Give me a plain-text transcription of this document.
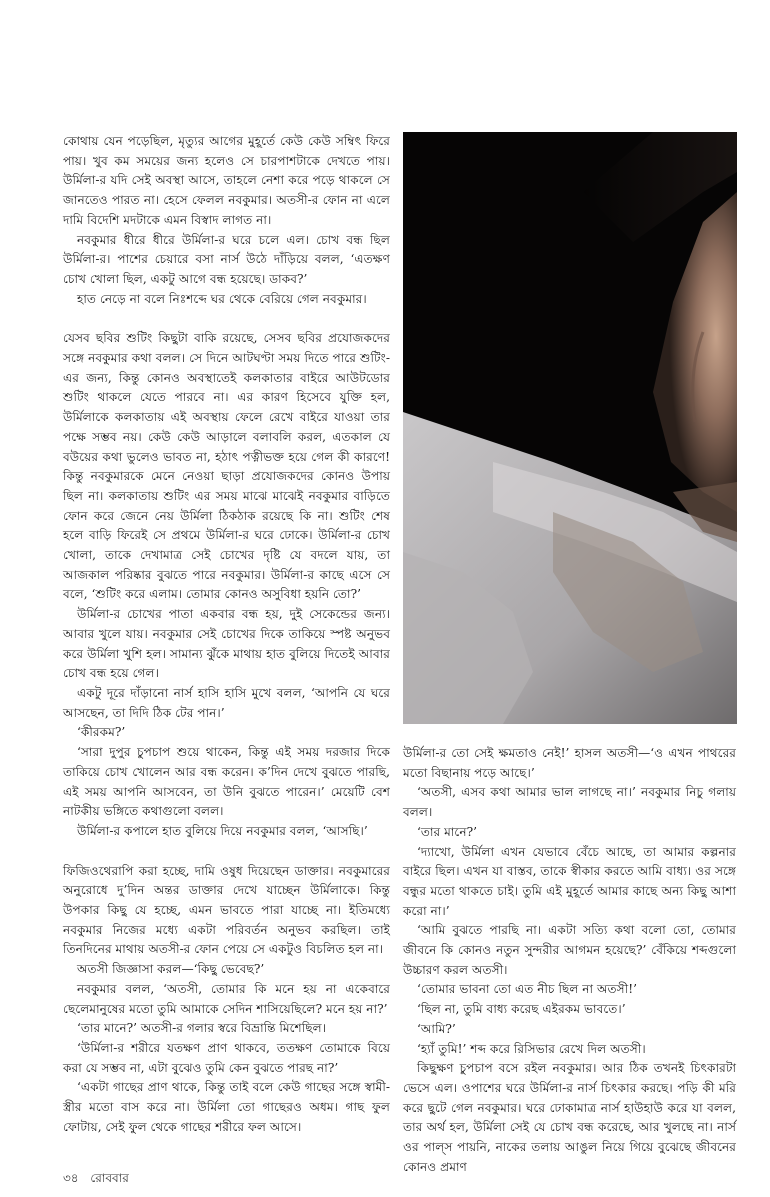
কোথায় যেন পড়েছিল, মৃত্যুর আগের মুহূর্তে কেউ কেউ সম্বিৎ ফিরে পায়। খুব কম সময়ের জন্য হলেও সে চারপাশটাকে দেখতে পায়। উর্মিলা-র যদি সেই অবস্থা আসে, তাহলে নেশা করে পড়ে থাকলে সে জানতেও পারত না। হেসে ফেলল নবকুমার। অতসী-র ফোন না এলে দামি বিদেশি মদটাকে এমন বিস্বাদ লাগত না।

নবকুমার ধীরে ধীরে উর্মিলা-র ঘরে চলে এল। চোখ বন্ধ ছিল উর্মিলা-র। পাশের চেয়ারে বসা নার্স উঠে দাঁড়িয়ে বলল, ‘এতক্ষণ চোখ খোলা ছিল, একটু আগে বন্ধ হয়েছে। ডাকব?’

হাত নেড়ে না বলে নিঃশব্দে ঘর থেকে বেরিয়ে গেল নবকুমার।

যেসব ছবির শুটিং কিছুটা বাকি রয়েছে, সেসব ছবির প্রযোজকদের সঙ্গে নবকুমার কথা বলল। সে দিনে আটঘণ্টা সময় দিতে পারে শুটিং-এর জন্য, কিন্তু কোনও অবস্থাতেই কলকাতার বাইরে আউটডোর শুটিং থাকলে যেতে পারবে না। এর কারণ হিসেবে যুক্তি হল, উর্মিলাকে কলকাতায় এই অবস্থায় ফেলে রেখে বাইরে যাওয়া তার পক্ষে সম্ভব নয়। কেউ কেউ আড়ালে বলাবলি করল, এতকাল যে বউয়ের কথা ভুলেও ভাবত না, হঠাৎ পত্নীভক্ত হয়ে গেল কী কারণে! কিন্তু নবকুমারকে মেনে নেওয়া ছাড়া প্রযোজকদের কোনও উপায় ছিল না। কলকাতায় শুটিং এর সময় মাঝে মাঝেই নবকুমার বাড়িতে ফোন করে জেনে নেয় উর্মিলা ঠিকঠাক রয়েছে কি না। শুটিং শেষ হলে বাড়ি ফিরেই সে প্রথমে উর্মিলা-র ঘরে ঢোকে। উর্মিলা-র চোখ খোলা, তাকে দেখামাত্র সেই চোখের দৃষ্টি যে বদলে যায়, তা আজকাল পরিষ্কার বুঝতে পারে নবকুমার। উর্মিলা-র কাছে এসে সে বলে, ‘শুটিং করে এলাম। তোমার কোনও অসুবিধা হয়নি তো?’

উর্মিলা-র চোখের পাতা একবার বন্ধ হয়, দুই সেকেন্ডের জন্য। আবার খুলে যায়। নবকুমার সেই চোখের দিকে তাকিয়ে স্পষ্ট অনুভব করে উর্মিলা খুশি হল। সামান্য ঝুঁকে মাথায় হাত বুলিয়ে দিতেই আবার চোখ বন্ধ হয়ে গেল।

একটু দূরে দাঁড়ানো নার্স হাসি হাসি মুখে বলল, ‘আপনি যে ঘরে আসছেন, তা দিদি ঠিক টের পান।’

‘কীরকম?’

‘সারা দুপুর চুপচাপ শুয়ে থাকেন, কিন্তু এই সময় দরজার দিকে তাকিয়ে চোখ খোলেন আর বন্ধ করেন। ক’দিন দেখে বুঝতে পারছি, এই সময় আপনি আসবেন, তা উনি বুঝতে পারেন।’ মেয়েটি বেশ নাটকীয় ভঙ্গিতে কথাগুলো বলল।

উর্মিলা-র কপালে হাত বুলিয়ে দিয়ে নবকুমার বলল, ‘আসছি।’

ফিজিওথেরাপি করা হচ্ছে, দামি ওষুধ দিয়েছেন ডাক্তার। নবকুমারের অনুরোধে দু’দিন অন্তর ডাক্তার দেখে যাচ্ছেন উর্মিলাকে। কিন্তু উপকার কিছু যে হচ্ছে, এমন ভাবতে পারা যাচ্ছে না। ইতিমধ্যে নবকুমার নিজের মধ্যে একটা পরিবর্তন অনুভব করছিল। তাই তিনদিনের মাথায় অতসী-র ফোন পেয়ে সে একটুও বিচলিত হল না।

অতসী জিজ্ঞাসা করল—‘কিছু ভেবেছ?’

নবকুমার বলল, ‘অতসী, তোমার কি মনে হয় না একেবারে ছেলেমানুষের মতো তুমি আমাকে সেদিন শাসিয়েছিলে? মনে হয় না?’

‘তার মানে?’ অতসী-র গলার স্বরে বিভ্রান্তি মিশেছিল।

‘উর্মিলা-র শরীরে যতক্ষণ প্রাণ থাকবে, ততক্ষণ তোমাকে বিয়ে করা যে সম্ভব না, এটা বুঝেও তুমি কেন বুঝতে পারছ না?’

‘একটা গাছের প্রাণ থাকে, কিন্তু তাই বলে কেউ গাছের সঙ্গে স্বামী-স্ত্রীর মতো বাস করে না। উর্মিলা তো গাছেরও অধম। গাছ ফুল ফোটায়, সেই ফুল থেকে গাছের শরীরে ফল আসে।

উর্মিলা-র তো সেই ক্ষমতাও নেই!’ হাসল অতসী—‘ও এখন পাথরের মতো বিছানায় পড়ে আছে।’

‘অতসী, এসব কথা আমার ভাল লাগছে না।’ নবকুমার নিচু গলায় বলল।

‘তার মানে?’

‘দ্যাখো, উর্মিলা এখন যেভাবে বেঁচে আছে, তা আমার কল্পনার বাইরে ছিল। এখন যা বাস্তব, তাকে স্বীকার করতে আমি বাধ্য। ওর সঙ্গে বন্ধুর মতো থাকতে চাই। তুমি এই মুহূর্তে আমার কাছে অন্য কিছু আশা করো না।’

‘আমি বুঝতে পারছি না। একটা সত্যি কথা বলো তো, তোমার জীবনে কি কোনও নতুন সুন্দরীর আগমন হয়েছে?’ বেঁকিয়ে শব্দগুলো উচ্চারণ করল অতসী।

‘তোমার ভাবনা তো এত নীচ ছিল না অতসী!’

‘ছিল না, তুমি বাধ্য করেছ এইরকম ভাবতে।’

‘আমি?’

‘হ্যাঁ তুমি!’ শব্দ করে রিসিভার রেখে দিল অতসী।

কিছুক্ষণ চুপচাপ বসে রইল নবকুমার। আর ঠিক তখনই চিৎকারটা ভেসে এল। ওপাশের ঘরে উর্মিলা-র নার্স চিৎকার করছে। পড়ি কী মরি করে ছুটে গেল নবকুমার। ঘরে ঢোকামাত্র নার্স হাউহাউ করে যা বলল, তার অর্থ হল, উর্মিলা সেই যে চোখ বন্ধ করেছে, আর খুলছে না। নার্স ওর পাল্স পায়নি, নাকের তলায় আঙুল নিয়ে গিয়ে বুঝেছে জীবনের কোনও প্রমাণ

৩৪ রোববার
